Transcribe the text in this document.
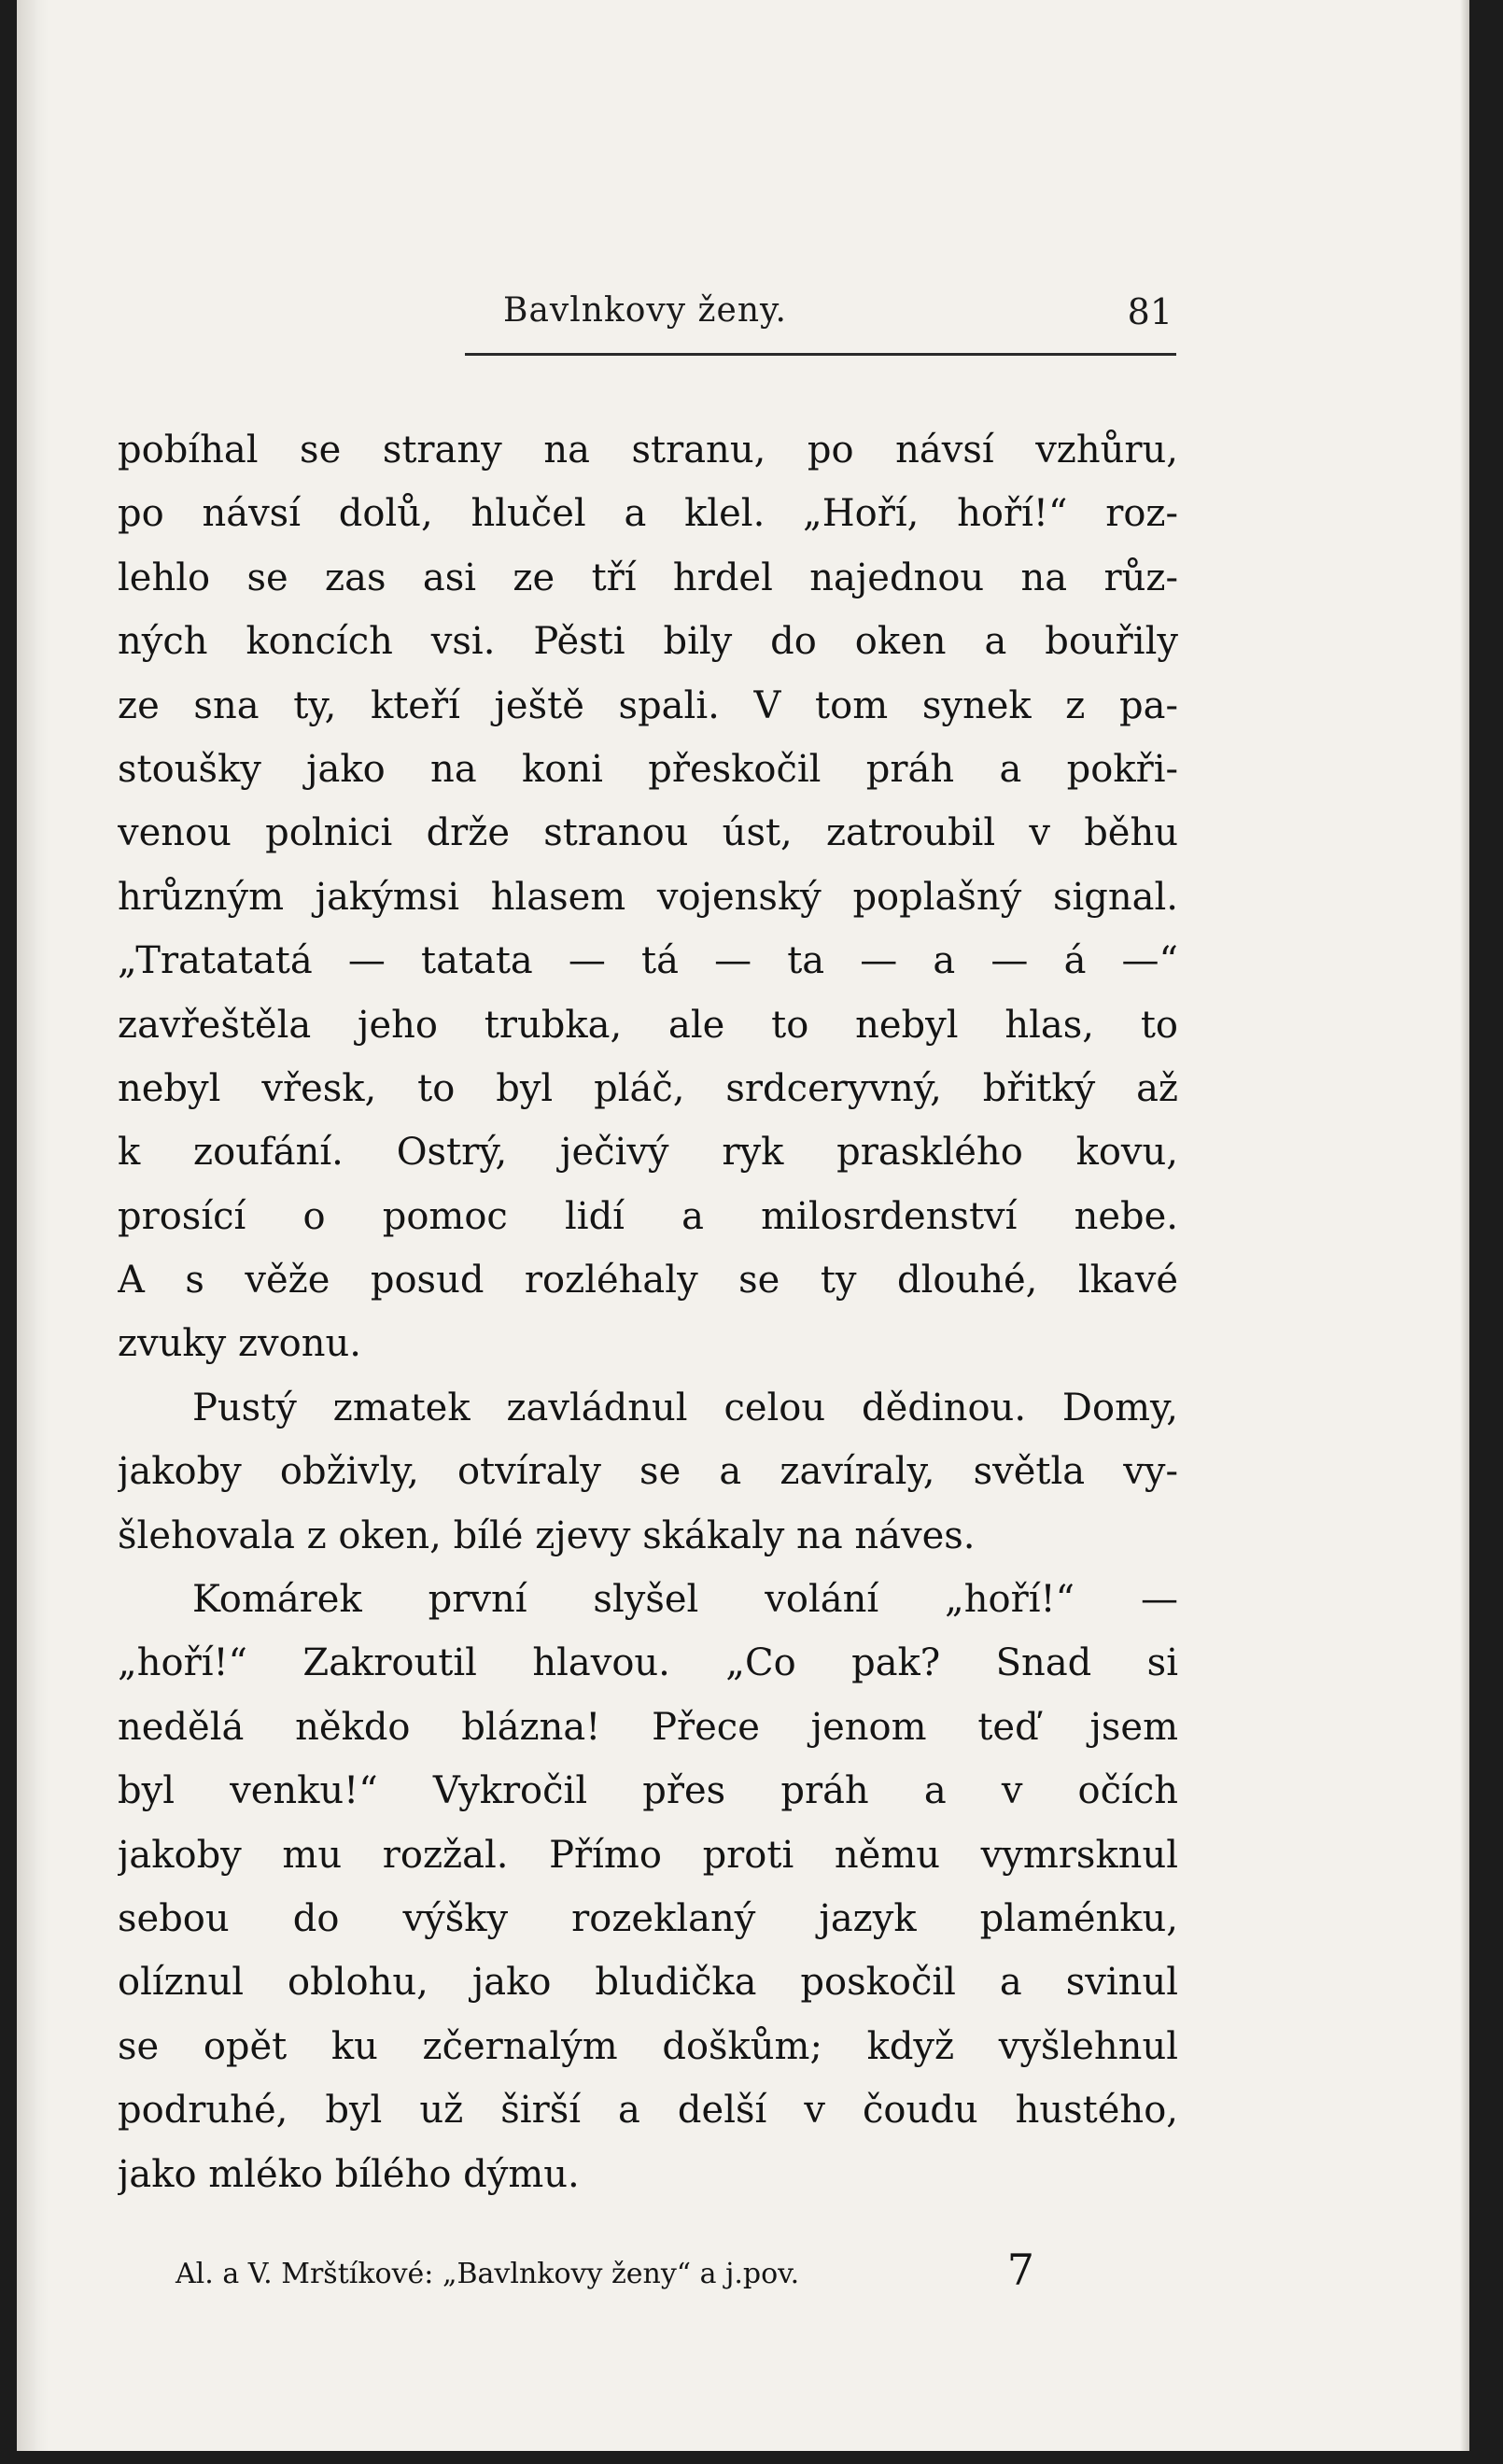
Bavlnkovy ženy.	81
pobíhal se strany na stranu, po návsí vzhůru,
po návsí dolů, hlučel a klel. „Hoří, hoří!“ roz-
lehlo se zas asi ze tří hrdel najednou na růz-
ných koncích vsi. Pěsti bily do oken a bouřily
ze sna ty, kteří ještě spali. V tom synek z pa-
stoušky jako na koni přeskočil práh a pokři-
venou polnici drže stranou úst, zatroubil v běhu
hrůzným jakýmsi hlasem vojenský poplašný signal.
„Tratatatá — tatata — tá — ta — a — á —“
zavřeštěla jeho trubka, ale to nebyl hlas, to
nebyl vřesk, to byl pláč, srdceryvný, břitký až
k zoufání. Ostrý, ječivý ryk prasklého kovu,
prosící o pomoc lidí a milosrdenství nebe.
A s věže posud rozléhaly se ty dlouhé, lkavé
zvuky zvonu.
Pustý zmatek zavládnul celou dědinou. Domy,
jakoby obživly, otvíraly se a zavíraly, světla vy-
šlehovala z oken, bílé zjevy skákaly na náves.
Komárek první slyšel volání „hoří!“ —
„hoří!“ Zakroutil hlavou. „Co pak? Snad si
nedělá někdo blázna! Přece jenom teď jsem
byl venku!“ Vykročil přes práh a v očích
jakoby mu rozžal. Přímo proti němu vymrsknul
sebou do výšky rozeklaný jazyk plaménku,
olíznul oblohu, jako bludička poskočil a svinul
se opět ku zčernalým doškům; když vyšlehnul
podruhé, byl už širší a delší v čoudu hustého,
jako mléko bílého dýmu.
Al. a V. Mrštíkové: „Bavlnkovy ženy“ a j.pov.	7
